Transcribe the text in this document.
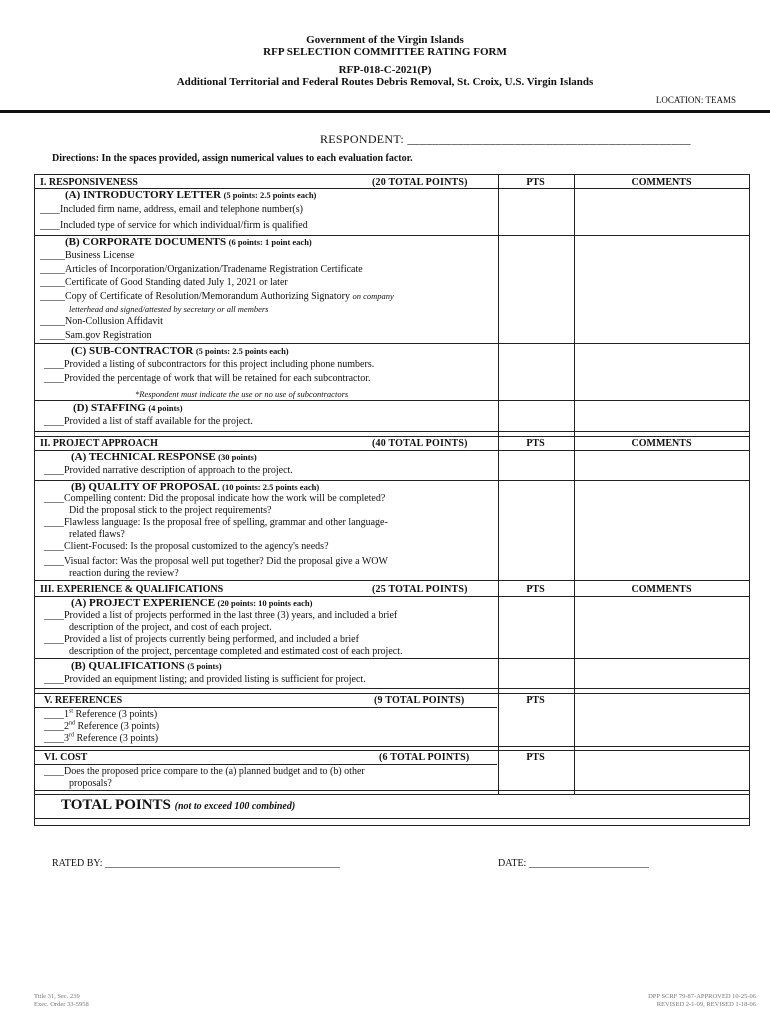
Government of the Virgin Islands
RFP SELECTION COMMITTEE RATING FORM
RFP-018-C-2021(P)
Additional Territorial and Federal Routes Debris Removal, St. Croix, U.S. Virgin Islands
LOCATION: TEAMS
RESPONDENT: _____________________________________________
Directions: In the spaces provided, assign numerical values to each evaluation factor.
I. RESPONSIVENESS	(20 TOTAL POINTS)	PTS	COMMENTS
(A) INTRODUCTORY LETTER (5 points: 2.5 points each)
____Included firm name, address, email and telephone number(s)
____Included type of service for which individual/firm is qualified
(B) CORPORATE DOCUMENTS (6 points: 1 point each)
_____Business License
_____Articles of Incorporation/Organization/Tradename Registration Certificate
_____Certificate of Good Standing dated July 1, 2021 or later
_____Copy of Certificate of Resolution/Memorandum Authorizing Signatory on company
letterhead and signed/attested by secretary or all members
_____Non-Collusion Affidavit
_____Sam.gov Registration
(C) SUB-CONTRACTOR (5 points: 2.5 points each)
____Provided a listing of subcontractors for this project including phone numbers.
____Provided the percentage of work that will be retained for each subcontractor.
*Respondent must indicate the use or no use of subcontractors
(D) STAFFING (4 points)
____Provided a list of staff available for the project.
II. PROJECT APPROACH	(40 TOTAL POINTS)	PTS	COMMENTS
(A) TECHNICAL RESPONSE (30 points)
____Provided narrative description of approach to the project.
(B) QUALITY OF PROPOSAL (10 points: 2.5 points each)
____Compelling content: Did the proposal indicate how the work will be completed?
Did the proposal stick to the project requirements?
____Flawless language: Is the proposal free of spelling, grammar and other language-
related flaws?
____Client-Focused: Is the proposal customized to the agency's needs?
____Visual factor: Was the proposal well put together? Did the proposal give a WOW
reaction during the review?
III. EXPERIENCE & QUALIFICATIONS	(25 TOTAL POINTS)	PTS	COMMENTS
(A) PROJECT EXPERIENCE (20 points: 10 points each)
____Provided a list of projects performed in the last three (3) years, and included a brief
description of the project, and cost of each project.
____Provided a list of projects currently being performed, and included a brief
description of the project, percentage completed and estimated cost of each project.
(B) QUALIFICATIONS (5 points)
____Provided an equipment listing; and provided listing is sufficient for project.
V. REFERENCES	(9 TOTAL POINTS)	PTS
____1st Reference (3 points)
____2nd Reference (3 points)
____3rd Reference (3 points)
VI. COST	(6 TOTAL POINTS)	PTS
____Does the proposed price compare to the (a) planned budget and to (b) other
proposals?
TOTAL POINTS (not to exceed 100 combined)
RATED BY: _______________________________________________	DATE: ________________________
Title 31, Sec. 239
Exec. Order 33-5958
DPP SCRF 79-87-APPROVED 10-25-06
REVISED 2-1-09, REVISED 1-18-06
